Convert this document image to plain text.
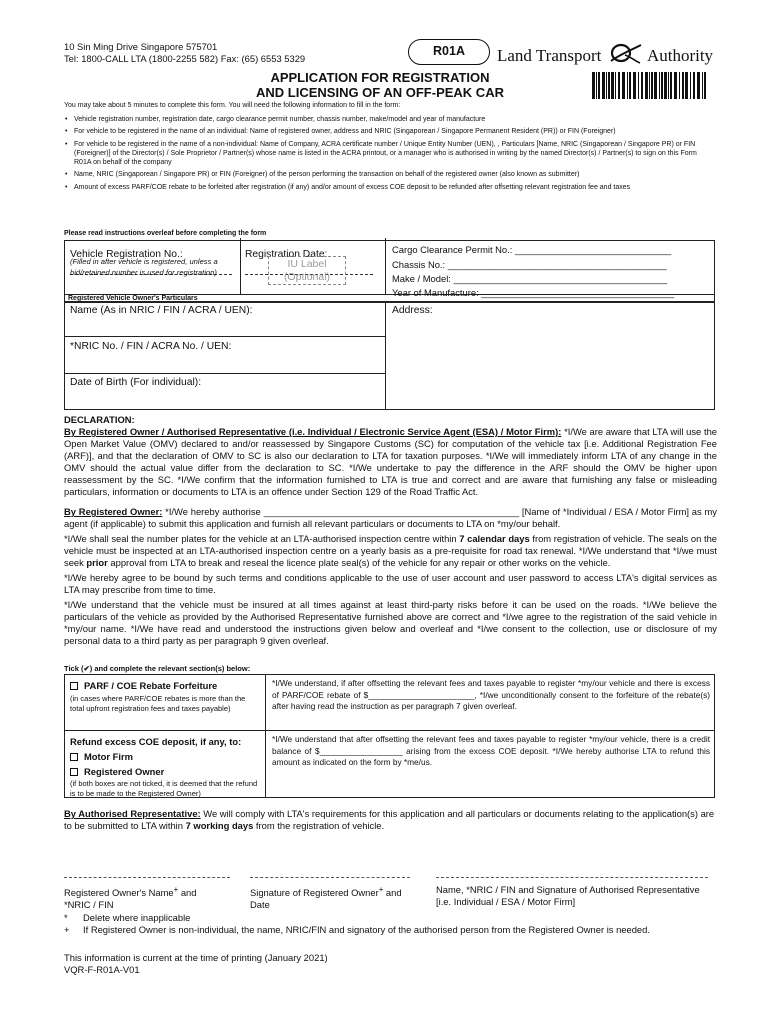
10 Sin Ming Drive Singapore 575701
Tel: 1800-CALL LTA (1800-2255 582) Fax: (65) 6553 5329
R01A	Land Transport	Authority
APPLICATION FOR REGISTRATION
AND LICENSING OF AN OFF-PEAK CAR
You may take about 5 minutes to complete this form. You will need the following information to fill in the form:
• Vehicle registration number, registration date, cargo clearance permit number, chassis number, make/model and year of manufacture
• For vehicle to be registered in the name of an individual: Name of registered owner, address and NRIC (Singaporean / Singapore Permanent Resident (PR)) or FIN (Foreigner)
• For vehicle to be registered in the name of a non-individual: Name of Company, ACRA certificate number / Unique Entity Number (UEN), , Particulars [Name, NRIC (Singaporean / Singapore PR) or FIN (Foreigner)] of the Director(s) / Sole Proprietor / Partner(s) whose name is listed in the ACRA printout, or a manager who is authorised in writing by the named Director(s) / Partner(s) to sign on this Form R01A on behalf of the company
• Name, NRIC (Singaporean / Singapore PR) or FIN (Foreigner) of the person performing the transaction on behalf of the registered owner (also known as submitter)
• Amount of excess PARF/COE rebate to be forfeited after registration (if any) and/or amount of excess COE deposit to be refunded after offsetting relevant registration fee and taxes
Please read instructions overleaf before completing the form
Vehicle Registration No.:	Registration Date:
(Filled in after vehicle is registered, unless a bid/retained number is used for registration)
IU Label
(Optional)
Cargo Clearance Permit No.: ______________________________
Registered Vehicle Owner's Particulars
Name (As in NRIC / FIN / ACRA / UEN):	Address:
*NRIC No. / FIN / ACRA No. / UEN:
Date of Birth (For individual):
DECLARATION:

By Registered Owner / Authorised Representative (i.e. Individual / Electronic Service Agent (ESA) / Motor Firm): *I/We are aware that LTA will use the Open Market Value (OMV) declared to and/or reassessed by Singapore Customs (SC) for computation of the vehicle tax [i.e. Additional Registration Fee (ARF)], and that the declaration of OMV to SC is also our declaration to LTA for taxation purposes. *I/We will immediately inform LTA of any change in the OMV should the actual value differ from the declaration to SC. *I/We undertake to pay the difference in the ARF should the OMV be higher upon reassessment by the SC. *I/We confirm that the information furnished to LTA is true and correct and are aware that furnishing any false or misleading particulars, information or documents to LTA is an offence under Section 129 of the Road Traffic Act.

By Registered Owner: *I/We hereby authorise _________________________________________________ [Name of *Individual / ESA / Motor Firm] as my agent (if applicable) to submit this application and furnish all relevant particulars or documents to LTA on *my/our behalf.

*I/We shall seal the number plates for the vehicle at an LTA-authorised inspection centre within 7 calendar days from registration of vehicle. The seals on the vehicle must be inspected at an LTA-authorised inspection centre on a yearly basis as a pre-requisite for road tax renewal. *I/We understand that *I/we must seek prior approval from LTA to break and reseal the licence plate seal(s) of the vehicle for any repair or other works on the vehicle.

*I/We hereby agree to be bound by such terms and conditions applicable to the use of user account and user password to access LTA's digital services as LTA may prescribe from time to time.

*I/We understand that the vehicle must be insured at all times against at least third-party risks before it can be used on the roads. *I/We believe the particulars of the vehicle as provided by the Authorised Representative furnished above are correct and *I/we agree to the registration of the said vehicle in *my/our name. *I/We have read and understood the instructions given below and overleaf and *I/we consent to the collection, use or disclosure of my personal data to a third party as per paragraph 9 given overleaf.

Tick (✔) and complete the relevant section(s) below:
PARF / COE Rebate Forfeiture
(in cases where PARF/COE rebates is more than the total upfront registration fees and taxes payable)
*I/We understand, if after offsetting the relevant fees and taxes payable to register *my/our vehicle and there is excess of PARF/COE rebate of $_______________________, *I/we unconditionally consent to the forfeiture of the rebate(s) after having read the instruction as per paragraph 7 given overleaf.
Refund excess COE deposit, if any, to:
Motor Firm
Registered Owner
(if both boxes are not ticked, it is deemed that the refund is to be made to the Registered Owner)
*I/We understand that after offsetting the relevant fees and taxes payable to register *my/our vehicle, there is a credit balance of $__________________ arising from the excess COE deposit. *I/We hereby authorise LTA to refund this amount as indicated on the form by *me/us.
By Authorised Representative: We will comply with LTA's requirements for this application and all particulars or documents relating to the application(s) are to be submitted to LTA within 7 working days from the registration of vehicle.
Registered Owner's Name+ and
*NRIC / FIN
Signature of Registered Owner+ and
Date
Name, *NRIC / FIN and Signature of Authorised Representative
[i.e. Individual / ESA / Motor Firm]
*	Delete where inapplicable
+	If Registered Owner is non-individual, the name, NRIC/FIN and signatory of the authorised person from the Registered Owner is needed.
This information is current at the time of printing (January 2021)
VQR-F-R01A-V01
Chassis No.: __________________________________________
Make / Model: _________________________________________
Year of Manufacture: _____________________________________
